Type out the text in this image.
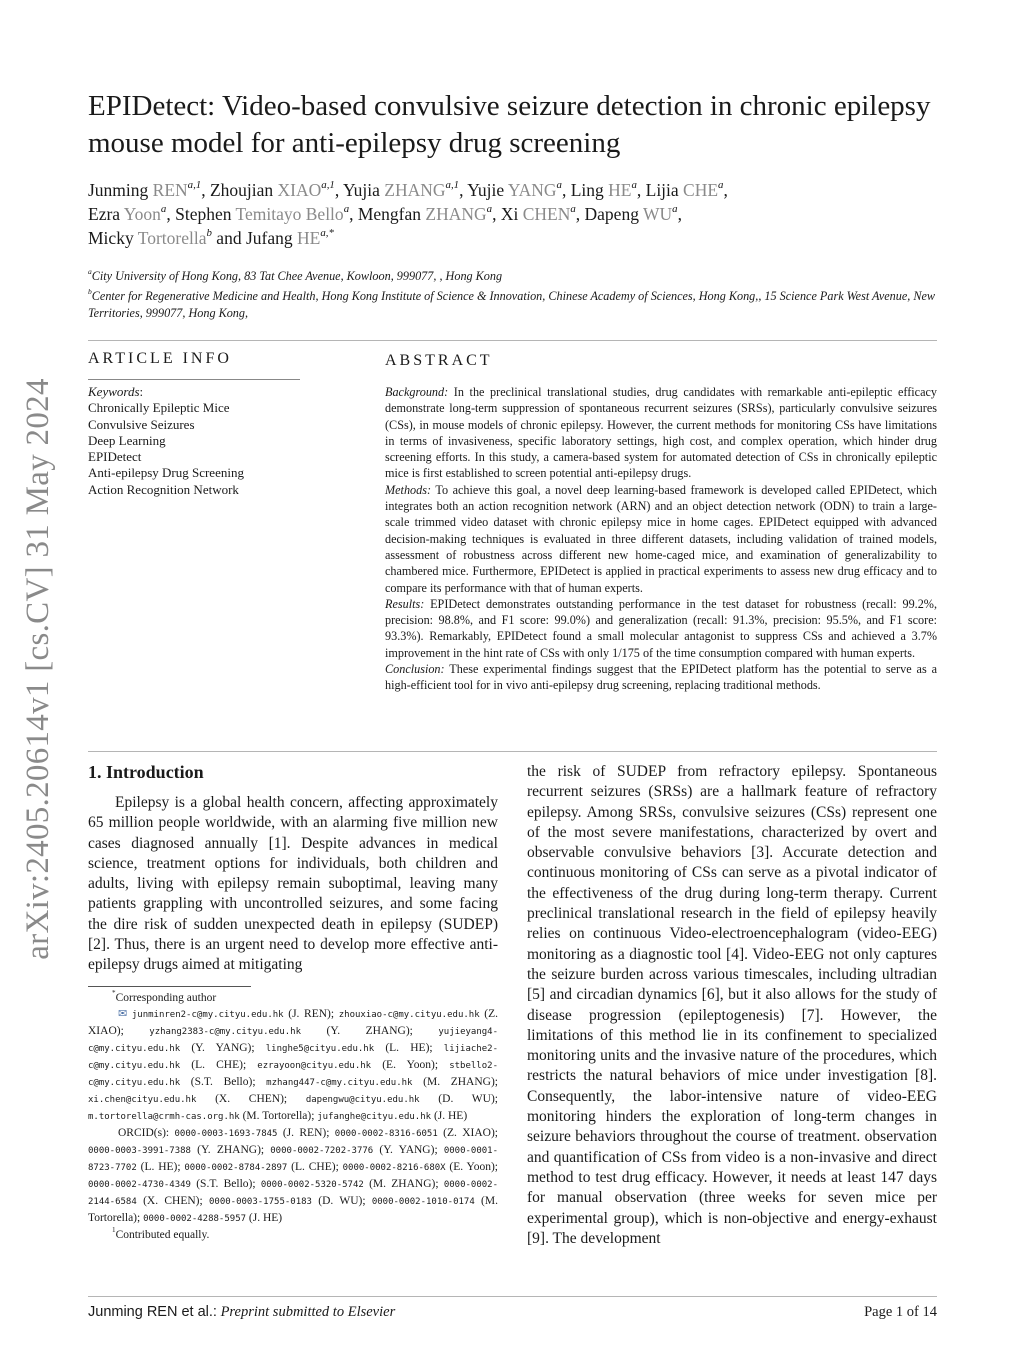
arXiv:2405.20614v1 [cs.CV] 31 May 2024
EPIDetect: Video-based convulsive seizure detection in chronic epilepsy mouse model for anti-epilepsy drug screening
Junming REN$^{a,1}$, Zhoujian XIAO$^{a,1}$, Yujia ZHANG$^{a,1}$, Yujie YANG$^a$, Ling $HE^a$, Lijia CHE$^a$,
Ezra Yoon$^a$, Stephen Temitayo Bello$^a$, Mengfan ZHANG$^a$, Xi CHEN$^a$, Dapeng $WU^a$,
Micky Tortorella$^b$ and Jufang $HE^{a,*}$

$^a$City University of Hong Kong, 83 Tat Chee Avenue, Kowloon, 999077, , Hong Kong

$^b$Center for Regenerative Medicine and Health, Hong Kong Institute of Science & Innovation, Chinese Academy of Sciences, Hong Kong,, 15 Science Park West Avenue, New Territories, 999077, Hong Kong,

ARTICLE INFO
Keywords:
Chronically Epileptic Mice
Convulsive Seizures
Deep Learning
EPIDetect
Anti-epilepsy Drug Screening
Action Recognition Network
ABSTRACT

Background: In the preclinical translational studies, drug candidates with remarkable anti-epileptic efficacy demonstrate long-term suppression of spontaneous recurrent seizures (SRSs), particularly convulsive seizures (CSs), in mouse models of chronic epilepsy. However, the current methods for monitoring CSs have limitations in terms of invasiveness, specific laboratory settings, high cost, and complex operation, which hinder drug screening efforts. In this study, a camera-based system for automated detection of CSs in chronically epileptic mice is first established to screen potential anti-epilepsy drugs.

Methods: To achieve this goal, a novel deep learning-based framework is developed called EPIDetect, which integrates both an action recognition network (ARN) and an object detection network (ODN) to train a large-scale trimmed video dataset with chronic epilepsy mice in home cages. EPIDetect equipped with advanced decision-making techniques is evaluated in three different datasets, including validation of trained models, assessment of robustness across different new home-caged mice, and examination of generalizability to chambered mice. Furthermore, EPIDetect is applied in practical experiments to assess new drug efficacy and to compare its performance with that of human experts.

Results: EPIDetect demonstrates outstanding performance in the test dataset for robustness (recall: 99.2%, precision: 98.8%, and F1 score: 99.0%) and generalization (recall: 91.3%, precision: 95.5%, and F1 score: 93.3%). Remarkably, EPIDetect found a small molecular antagonist to suppress CSs and achieved a 3.7% improvement in the hint rate of CSs with only 1/175 of the time consumption compared with human experts.

Conclusion: These experimental findings suggest that the EPIDetect platform has the potential to serve as a high-efficient tool for in vivo anti-epilepsy drug screening, replacing traditional methods.

1. Introduction

Epilepsy is a global health concern, affecting approximately 65 million people worldwide, with an alarming five million new cases diagnosed annually [1]. Despite advances in medical science, treatment options for individuals, both children and adults, living with epilepsy remain suboptimal, leaving many patients grappling with uncontrolled seizures, and some facing the dire risk of sudden unexpected death in epilepsy (SUDEP) [2]. Thus, there is an urgent need to develop more effective anti-epilepsy drugs aimed at mitigating

*Corresponding author

✉ junminren2-c@my.cityu.edu.hk (J. REN); zhouxiao-c@my.cityu.edu.hk (Z. XIAO); yzhang2383-c@my.cityu.edu.hk (Y. ZHANG); yujieyang4-c@my.cityu.edu.hk (Y. YANG); linghe5@cityu.edu.hk (L. HE); lijiache2-c@my.cityu.edu.hk (L. CHE); ezrayoon@cityu.edu.hk (E. Yoon); stbello2-c@my.cityu.edu.hk (S.T. Bello); mzhang447-c@my.cityu.edu.hk (M. ZHANG); xi.chen@cityu.edu.hk (X. CHEN); dapengwu@cityu.edu.hk (D. WU); m.tortorella@crmh-cas.org.hk (M. Tortorella); jufanghe@cityu.edu.hk (J. HE)

ORCID(s): 0000-0003-1693-7845 (J. REN); 0000-0002-8316-6051 (Z. XIAO); 0000-0003-3991-7388 (Y. ZHANG); 0000-0002-7202-3776 (Y. YANG); 0000-0001-8723-7702 (L. HE); 0000-0002-8784-2897 (L. CHE); 0000-0002-8216-680X (E. Yoon); 0000-0002-4730-4349 (S.T. Bello); 0000-0002-5320-5742 (M. ZHANG); 0000-0002-2144-6584 (X. CHEN); 0000-0003-1755-0183 (D. WU); 0000-0002-1010-0174 (M. Tortorella); 0000-0002-4288-5957 (J. HE)

$^1$Contributed equally.

the risk of SUDEP from refractory epilepsy. Spontaneous recurrent seizures (SRSs) are a hallmark feature of refractory epilepsy. Among SRSs, convulsive seizures (CSs) represent one of the most severe manifestations, characterized by overt and observable convulsive behaviors [3]. Accurate detection and continuous monitoring of CSs can serve as a pivotal indicator of the effectiveness of the drug during long-term therapy. Current preclinical translational research in the field of epilepsy heavily relies on continuous Video-electroencephalogram (video-EEG) monitoring as a diagnostic tool [4]. Video-EEG not only captures the seizure burden across various timescales, including ultradian [5] and circadian dynamics [6], but it also allows for the study of disease progression (epileptogenesis) [7]. However, the limitations of this method lie in its confinement to specialized monitoring units and the invasive nature of the procedures, which restricts the natural behaviors of mice under investigation [8]. Consequently, the labor-intensive nature of video-EEG monitoring hinders the exploration of long-term changes in seizure behaviors throughout the course of treatment. observation and quantification of CSs from video is a non-invasive and direct method to test drug efficacy. However, it needs at least 147 days for manual observation (three weeks for seven mice per experimental group), which is non-objective and energy-exhaust [9]. The development
Junming REN et al.: Preprint submitted to Elsevier	Page 1 of 14
